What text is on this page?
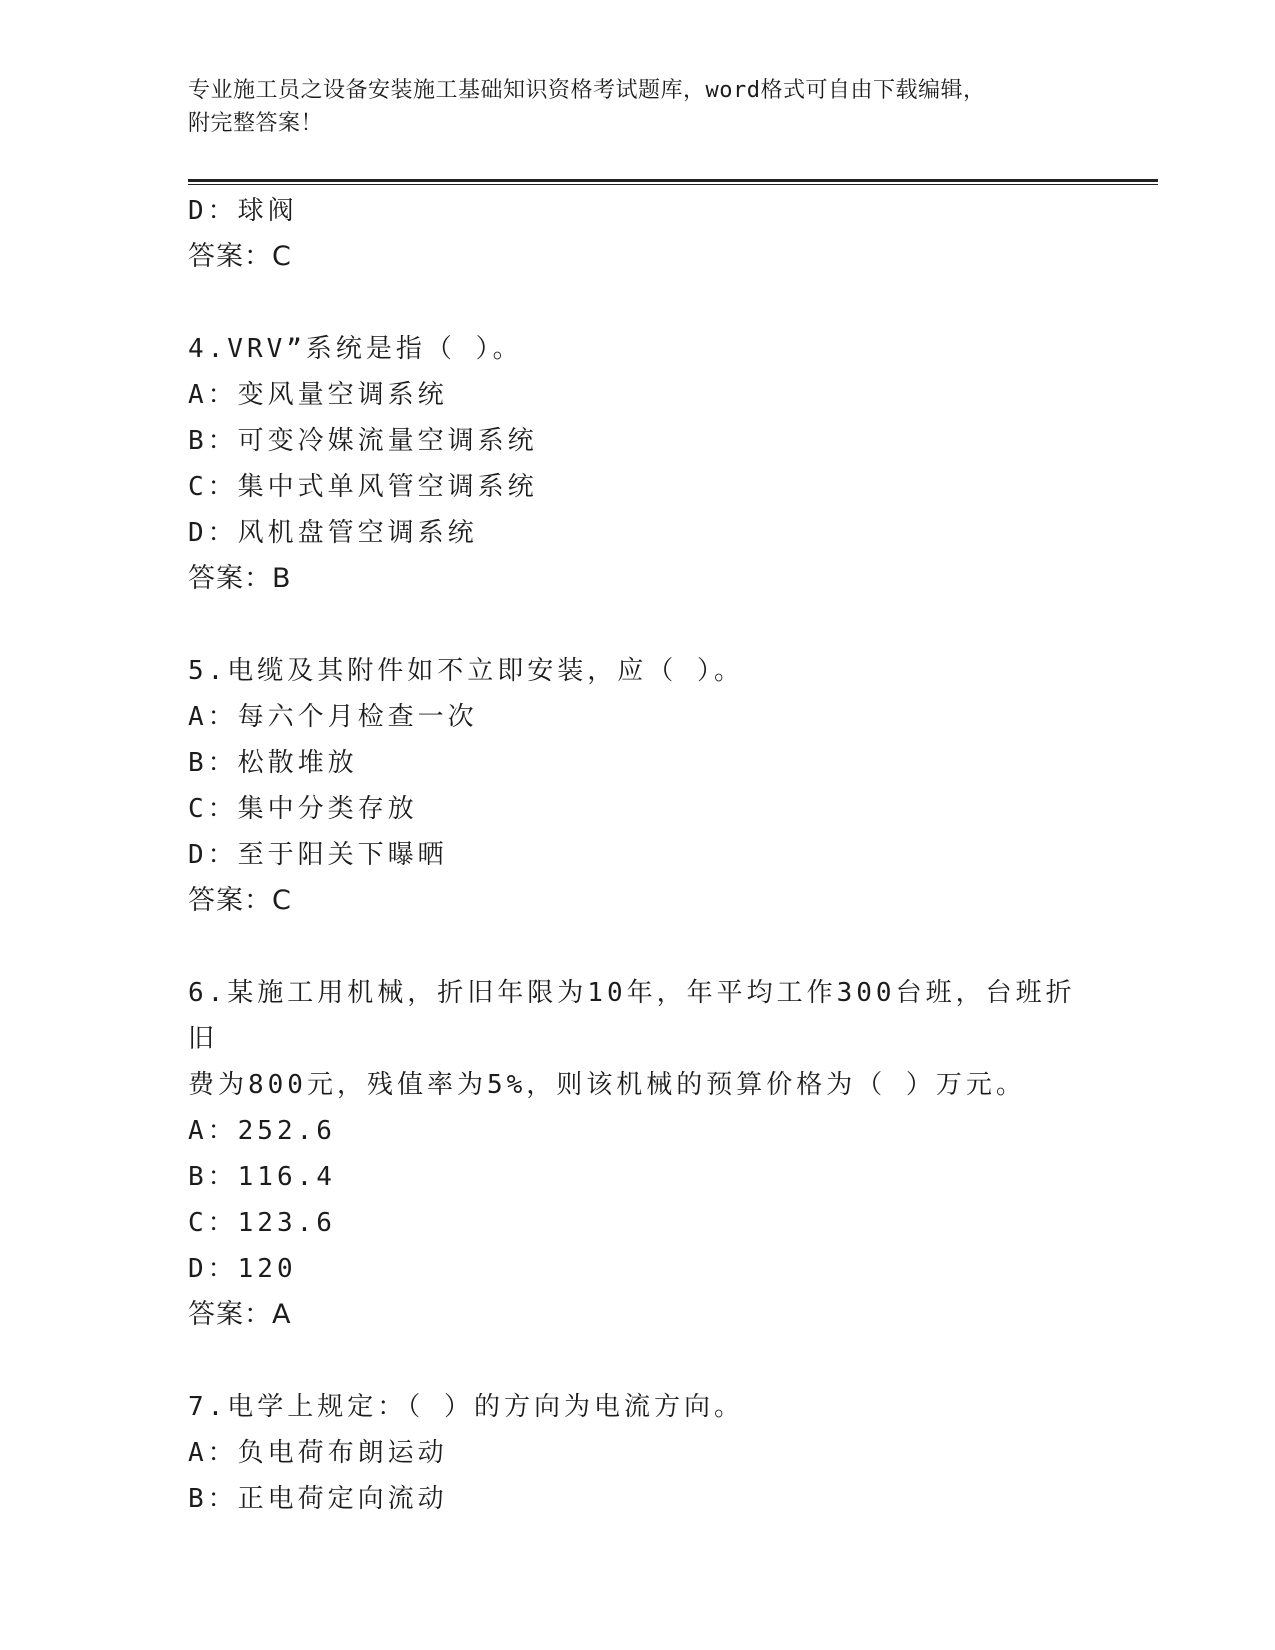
专业施工员之设备安装施工基础知识资格考试题库，word格式可自由下载编辑，
附完整答案！
D：球阀
答案：C
4.VRV”系统是指（ ）。
A：变风量空调系统
B：可变冷媒流量空调系统
C：集中式单风管空调系统
D：风机盘管空调系统
答案：B
5.电缆及其附件如不立即安装，应（ ）。
A：每六个月检查一次
B：松散堆放
C：集中分类存放
D：至于阳关下曝晒
答案：C
6.某施工用机械，折旧年限为10年，年平均工作300台班，台班折旧
费为800元，残值率为5%，则该机械的预算价格为（ ）万元。
A：252.6
B：116.4
C：123.6
D：120
答案：A
7.电学上规定：（ ）的方向为电流方向。
A：负电荷布朗运动
B：正电荷定向流动
